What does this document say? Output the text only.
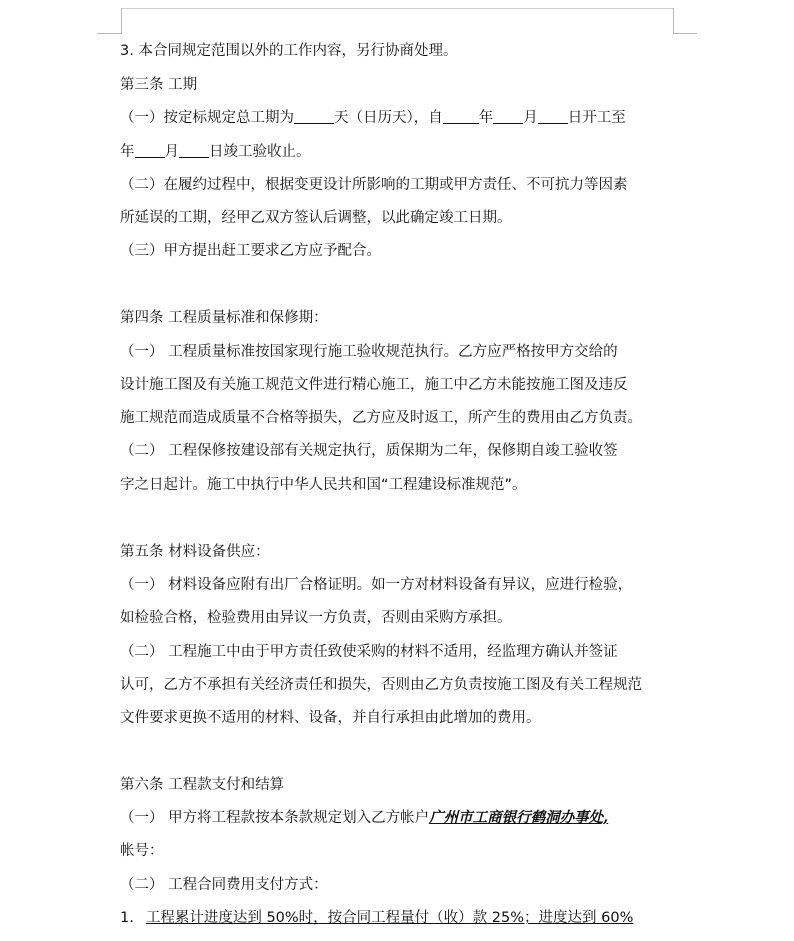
3. 本合同规定范围以外的工作内容，另行协商处理。
第三条 工期
（一）按定标规定总工期为	天（日历天），自 年 月 日开工至
年 月 日竣工验收止。
（二）在履约过程中，根据变更设计所影响的工期或甲方责任、不可抗力等因素
所延误的工期，经甲乙双方签认后调整，以此确定竣工日期。
（三）甲方提出赶工要求乙方应予配合。
第四条 工程质量标准和保修期：
（一） 工程质量标准按国家现行施工验收规范执行。乙方应严格按甲方交给的
设计施工图及有关施工规范文件进行精心施工，施工中乙方未能按施工图及违反
施工规范而造成质量不合格等损失，乙方应及时返工，所产生的费用由乙方负责。
（二） 工程保修按建设部有关规定执行，质保期为二年，保修期自竣工验收签
字之日起计。施工中执行中华人民共和国“工程建设标准规范”。
第五条 材料设备供应：
（一） 材料设备应附有出厂合格证明。如一方对材料设备有异议，应进行检验，
如检验合格，检验费用由异议一方负责，否则由采购方承担。
（二） 工程施工中由于甲方责任致使采购的材料不适用，经监理方确认并签证
认可，乙方不承担有关经济责任和损失，否则由乙方负责按施工图及有关工程规范
文件要求更换不适用的材料、设备，并自行承担由此增加的费用。
第六条 工程款支付和结算
（一） 甲方将工程款按本条款规定划入乙方帐户广州市工商银行鹤洞办事处,
帐号：
（二） 工程合同费用支付方式：
1. 工程累计进度达到 50%时，按合同工程量付（收）款 25%；进度达到 60%
